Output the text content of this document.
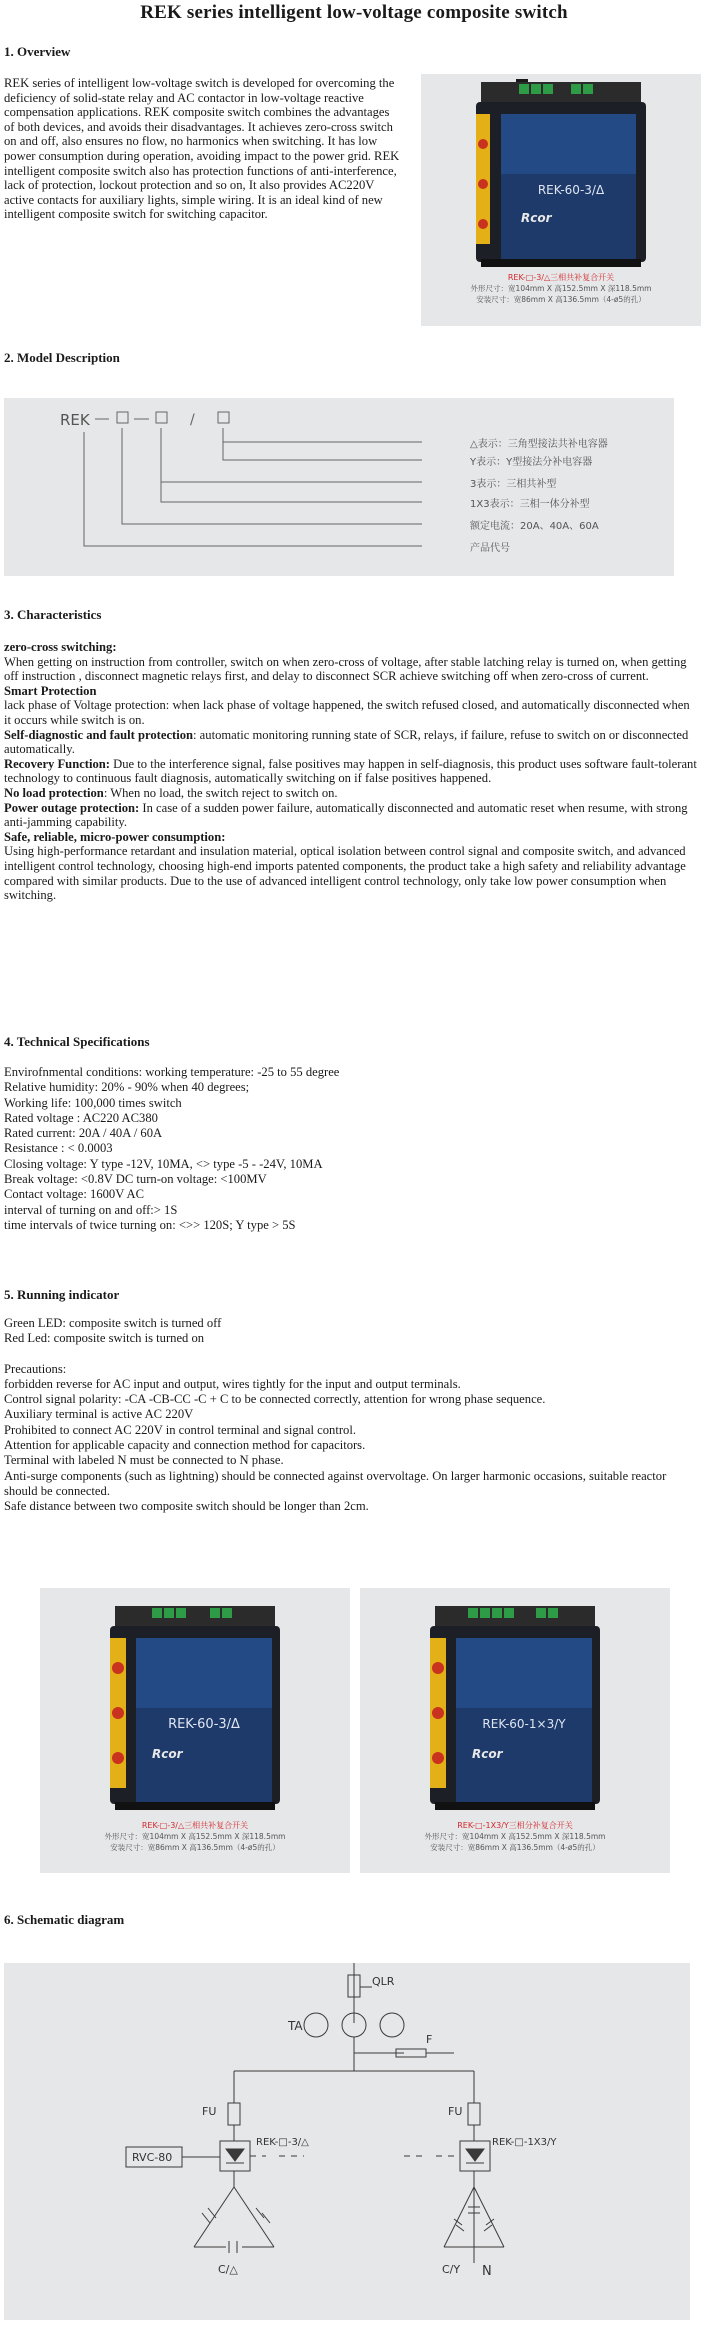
REK series intelligent low-voltage composite switch
1. Overview
REK series of intelligent low-voltage switch is developed for overcoming the deficiency of solid-state relay and AC contactor in low-voltage reactive compensation applications. REK composite switch combines the advantages of both devices, and avoids their disadvantages. It achieves zero-cross switch on and off, also ensures no flow, no harmonics when switching. It has low power consumption during operation, avoiding impact to the power grid. REK intelligent composite switch also has protection functions of anti-interference, lack of protection, lockout protection and so on, It also provides AC220V active contacts for auxiliary lights, simple wiring. It is an ideal kind of new intelligent composite switch for switching capacitor.
REK-60-3/Δ
Rcor
REK-□-3/△三相共补复合开关
外形尺寸：宽104mm X 高152.5mm X 深118.5mm
安装尺寸：宽86mm X 高136.5mm（4-ø5的孔）
2. Model Description
REK	/
△表示：三角型接法共补电容器
Y表示：Y型接法分补电容器
3表示：三相共补型
1X3表示：三相一体分补型
额定电流：20A、40A、60A
产品代号
3. Characteristics
zero-cross switching:
When getting on instruction from controller, switch on when zero-cross of voltage, after stable latching relay is turned on, when getting off instruction , disconnect magnetic relays first, and delay to disconnect SCR achieve switching off when zero-cross of current.
Smart Protection
lack phase of Voltage protection: when lack phase of voltage happened, the switch refused closed, and automatically disconnected when it occurs while switch is on.
Self-diagnostic and fault protection: automatic monitoring running state of SCR, relays, if failure, refuse to switch on or disconnected automatically.
Recovery Function: Due to the interference signal, false positives may happen in self-diagnosis, this product uses software fault-tolerant technology to continuous fault diagnosis, automatically switching on if false positives happened.
No load protection: When no load, the switch reject to switch on.
Power outage protection: In case of a sudden power failure, automatically disconnected and automatic reset when resume, with strong anti-jamming capability.
Safe, reliable, micro-power consumption:
Using high-performance retardant and insulation material, optical isolation between control signal and composite switch, and advanced intelligent control technology, choosing high-end imports patented components, the product take a high safety and reliability advantage compared with similar products. Due to the use of advanced intelligent control technology, only take low power consumption when switching.
4. Technical Specifications
Envirofnmental conditions: working temperature: -25 to 55 degree
Relative humidity: 20% - 90% when 40 degrees;
Working life: 100,000 times switch
Rated voltage : AC220 AC380
Rated current: 20A / 40A / 60A
Resistance : < 0.0003
Closing voltage: Y type -12V, 10MA, <> type -5 - -24V, 10MA
Break voltage: <0.8V DC turn-on voltage: <100MV
Contact voltage: 1600V AC
interval of turning on and off:> 1S
time intervals of twice turning on: <>> 120S; Y type > 5S
5. Running indicator
Green LED: composite switch is turned off
Red Led: composite switch is turned on
Precautions:
forbidden reverse for AC input and output, wires tightly for the input and output terminals.
Control signal polarity: -CA -CB-CC -C + C to be connected correctly, attention for wrong phase sequence.
Auxiliary terminal is active AC 220V
Prohibited to connect AC 220V in control terminal and signal control.
Attention for applicable capacity and connection method for capacitors.
Terminal with labeled N must be connected to N phase.
Anti-surge components (such as lightning) should be connected against overvoltage. On larger harmonic occasions, suitable reactor should be connected.
Safe distance between two composite switch should be longer than 2cm.
REK-60-3/Δ
Rcor
REK-□-3/△三相共补复合开关
外形尺寸：宽104mm X 高152.5mm X 深118.5mm
安装尺寸：宽86mm X 高136.5mm（4-ø5的孔）
REK-60-1×3/Y
Rcor
REK-□-1X3/Y三相分补复合开关
外形尺寸：宽104mm X 高152.5mm X 深118.5mm
安装尺寸：宽86mm X 高136.5mm（4-ø5的孔）
6. Schematic diagram
QLR
TA
F
FU
REK-□-3/△
RVC-80
C/△
FU
REK-□-1X3/Y
C/Y N
